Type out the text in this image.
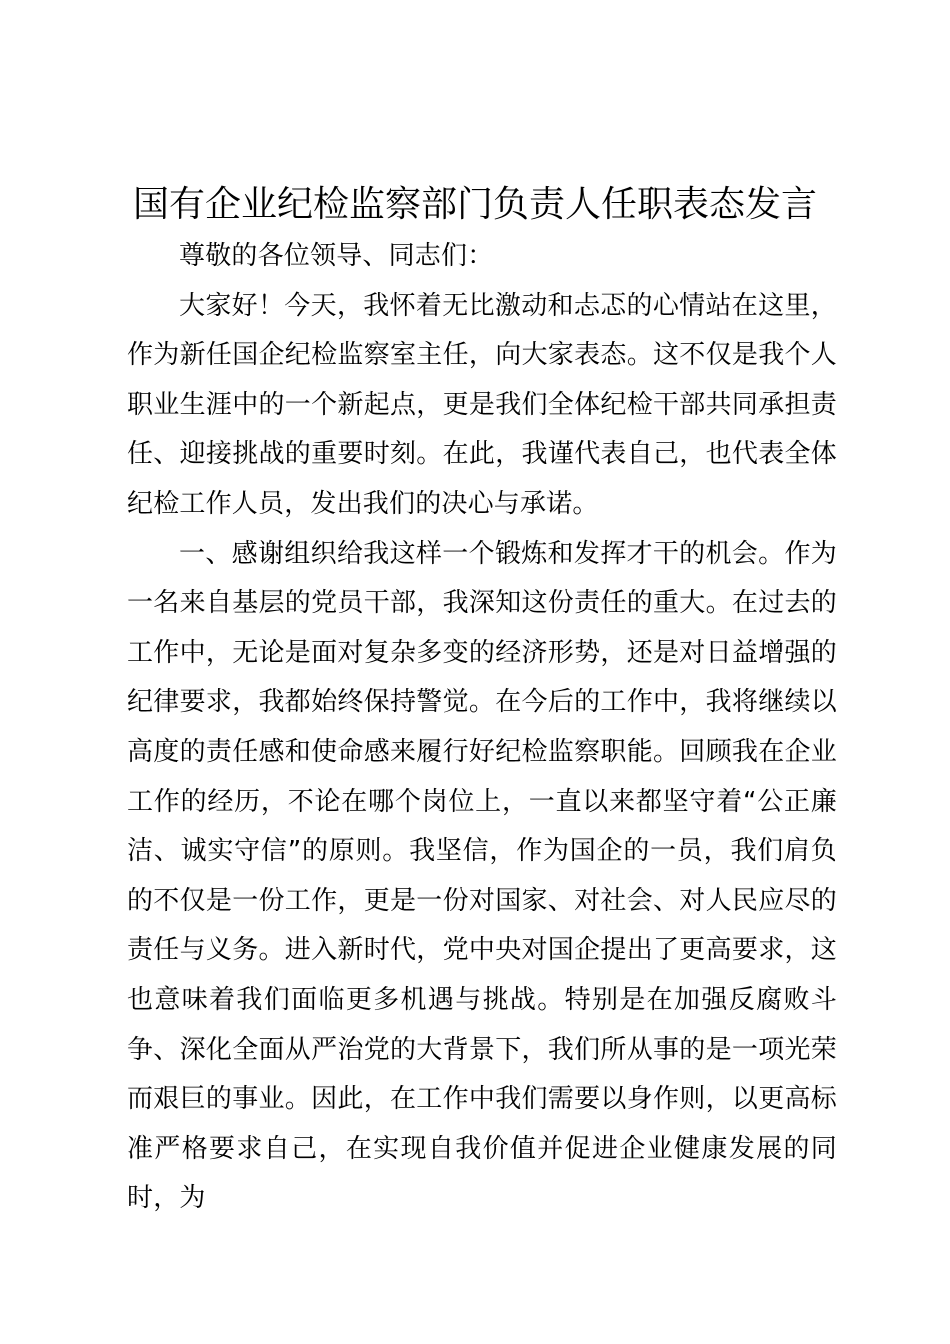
国有企业纪检监察部门负责人任职表态发言

尊敬的各位领导、同志们：

大家好！今天，我怀着无比激动和忐忑的心情站在这里，作为新任国企纪检监察室主任，向大家表态。这不仅是我个人职业生涯中的一个新起点，更是我们全体纪检干部共同承担责任、迎接挑战的重要时刻。在此，我谨代表自己，也代表全体纪检工作人员，发出我们的决心与承诺。

一、感谢组织给我这样一个锻炼和发挥才干的机会。作为一名来自基层的党员干部，我深知这份责任的重大。在过去的工作中，无论是面对复杂多变的经济形势，还是对日益增强的纪律要求，我都始终保持警觉。在今后的工作中，我将继续以高度的责任感和使命感来履行好纪检监察职能。回顾我在企业工作的经历，不论在哪个岗位上，一直以来都坚守着“公正廉洁、诚实守信”的原则。我坚信，作为国企的一员，我们肩负的不仅是一份工作，更是一份对国家、对社会、对人民应尽的责任与义务。进入新时代，党中央对国企提出了更高要求，这也意味着我们面临更多机遇与挑战。特别是在加强反腐败斗争、深化全面从严治党的大背景下，我们所从事的是一项光荣而艰巨的事业。因此，在工作中我们需要以身作则，以更高标准严格要求自己，在实现自我价值并促进企业健康发展的同时，为
